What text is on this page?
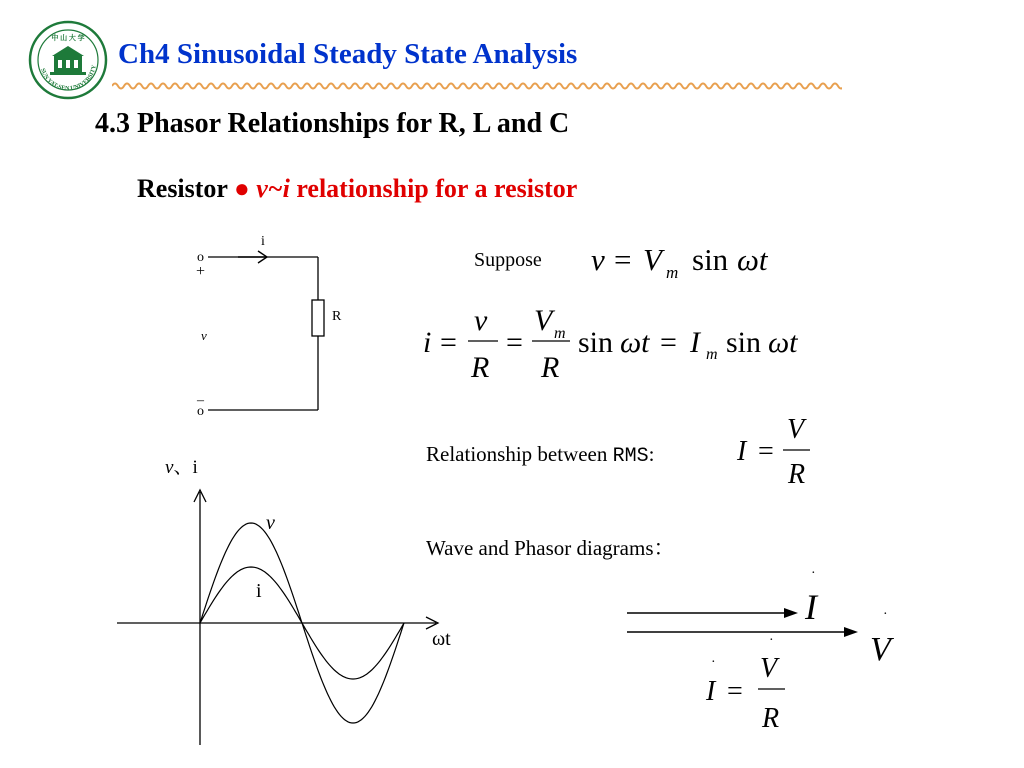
SUN YAT-SEN UNIVERSITY
中 山 大 学 Ch4 Sinusoidal Steady State Analysis
4.3 Phasor Relationships for R, L and C
Resistor ● v~i relationship for a resistor
i
R
v
o
+
–
o
Suppose v = V m sin ωt
i =
v
R
=
V m
R
sin ωt = I m sin ωt
Relationship between RMS:	I =
V
R
Wave and Phasor diagrams：
·
I =
·
V
R
v、i
ωt
v
i
·
I	·
V
